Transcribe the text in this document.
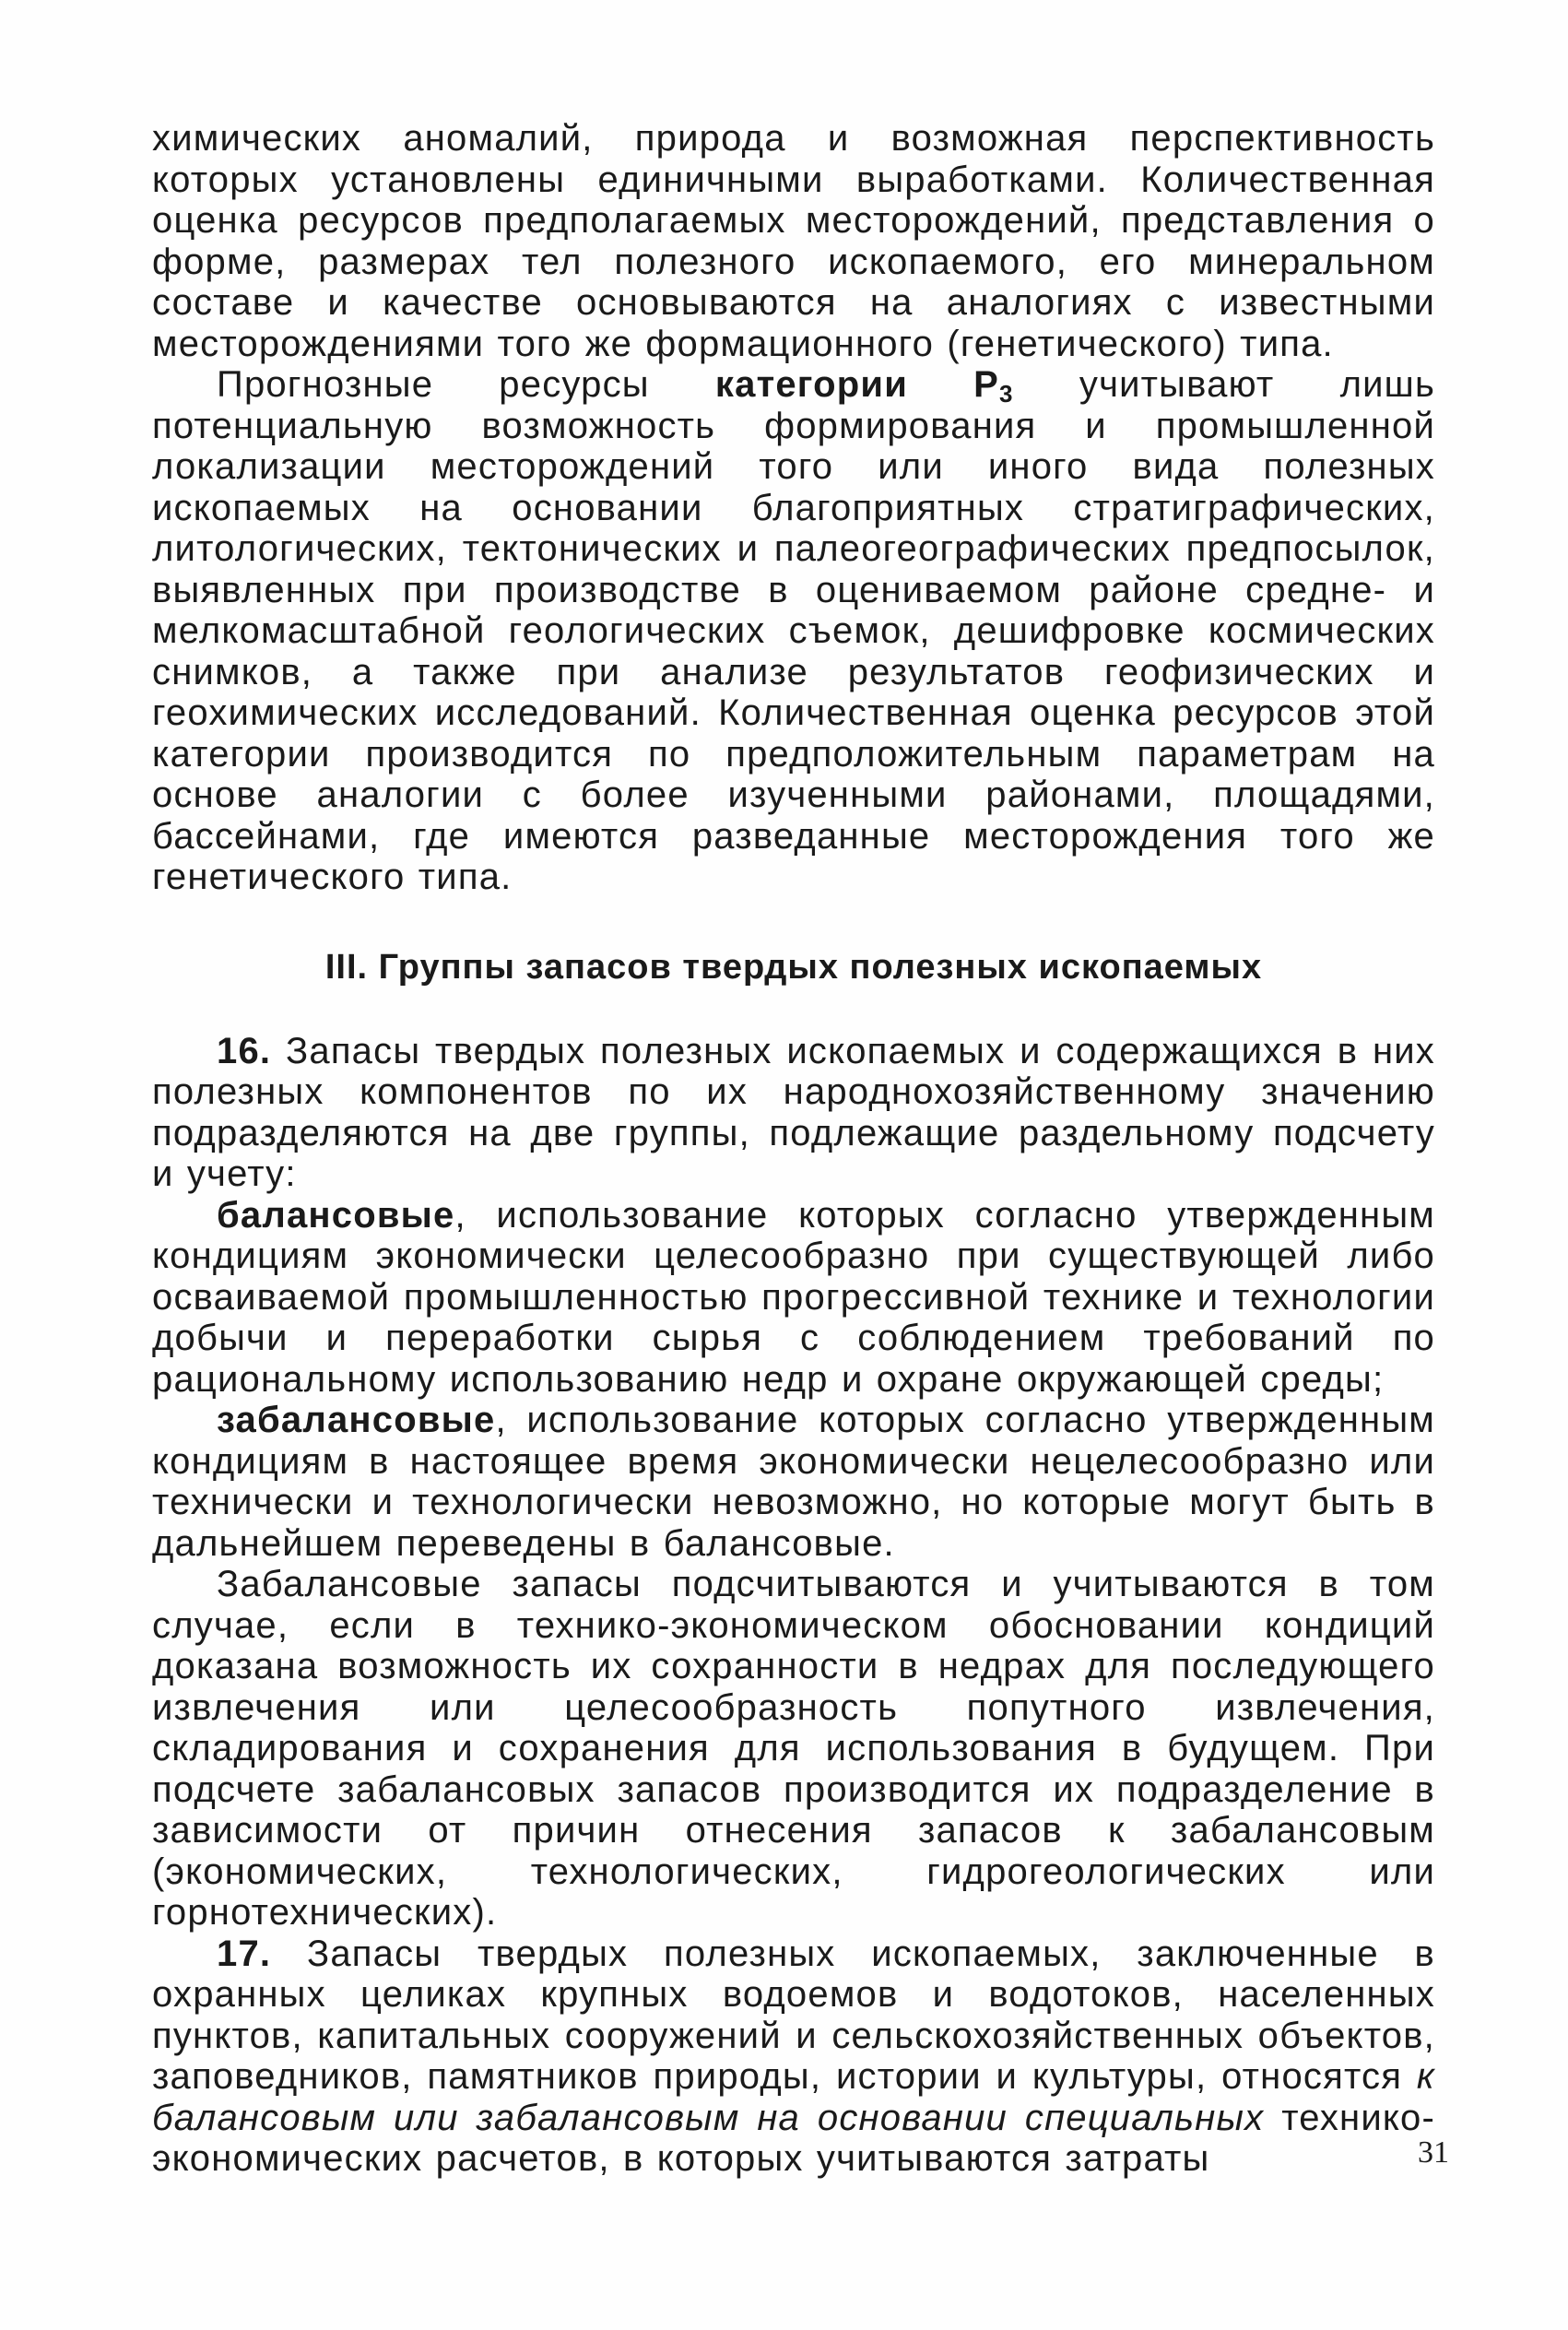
химических аномалий, природа и возможная перспективность которых установлены единичными выработками. Количественная оценка ресурсов предполагаемых месторождений, представления о форме, размерах тел полезного ископаемого, его минеральном составе и качестве основываются на аналогиях с известными месторождениями того же формационного (генетического) типа.

Прогнозные ресурсы категории $P_3$ учитывают лишь потенциальную возможность формирования и промышленной локализации месторождений того или иного вида полезных ископаемых на основании благоприятных стратиграфических, литологических, тектонических и палеогеографических предпосылок, выявленных при производстве в оцениваемом районе средне- и мелкомасштабной геологических съемок, дешифровке космических снимков, а также при анализе результатов геофизических и геохимических исследований. Количественная оценка ресурсов этой категории производится по предположительным параметрам на основе аналогии с более изученными районами, площадями, бассейнами, где имеются разведанные месторождения того же генетического типа.

III. Группы запасов твердых полезных ископаемых

16. Запасы твердых полезных ископаемых и содержащихся в них полезных компонентов по их народнохозяйственному значению подразделяются на две группы, подлежащие раздельному подсчету и учету:

балансовые, использование которых согласно утвержденным кондициям экономически целесообразно при существующей либо осваиваемой промышленностью прогрессивной технике и технологии добычи и переработки сырья с соблюдением требований по рациональному использованию недр и охране окружающей среды;

забалансовые, использование которых согласно утвержденным кондициям в настоящее время экономически нецелесообразно или технически и технологически невозможно, но которые могут быть в дальнейшем переведены в балансовые.

Забалансовые запасы подсчитываются и учитываются в том случае, если в технико-экономическом обосновании кондиций доказана возможность их сохранности в недрах для последующего извлечения или целесообразность попутного извлечения, складирования и сохранения для использования в будущем. При подсчете забалансовых запасов производится их подразделение в зависимости от причин отнесения запасов к забалансовым (экономических, технологических, гидрогеологических или горнотехнических).

17. Запасы твердых полезных ископаемых, заключенные в охранных целиках крупных водоемов и водотоков, населенных пунктов, капитальных сооружений и сельскохозяйственных объектов, заповедников, памятников природы, истории и культуры, относятся к балансовым или забалансовым на основании специальных технико-экономических расчетов, в которых учитываются затраты	31
